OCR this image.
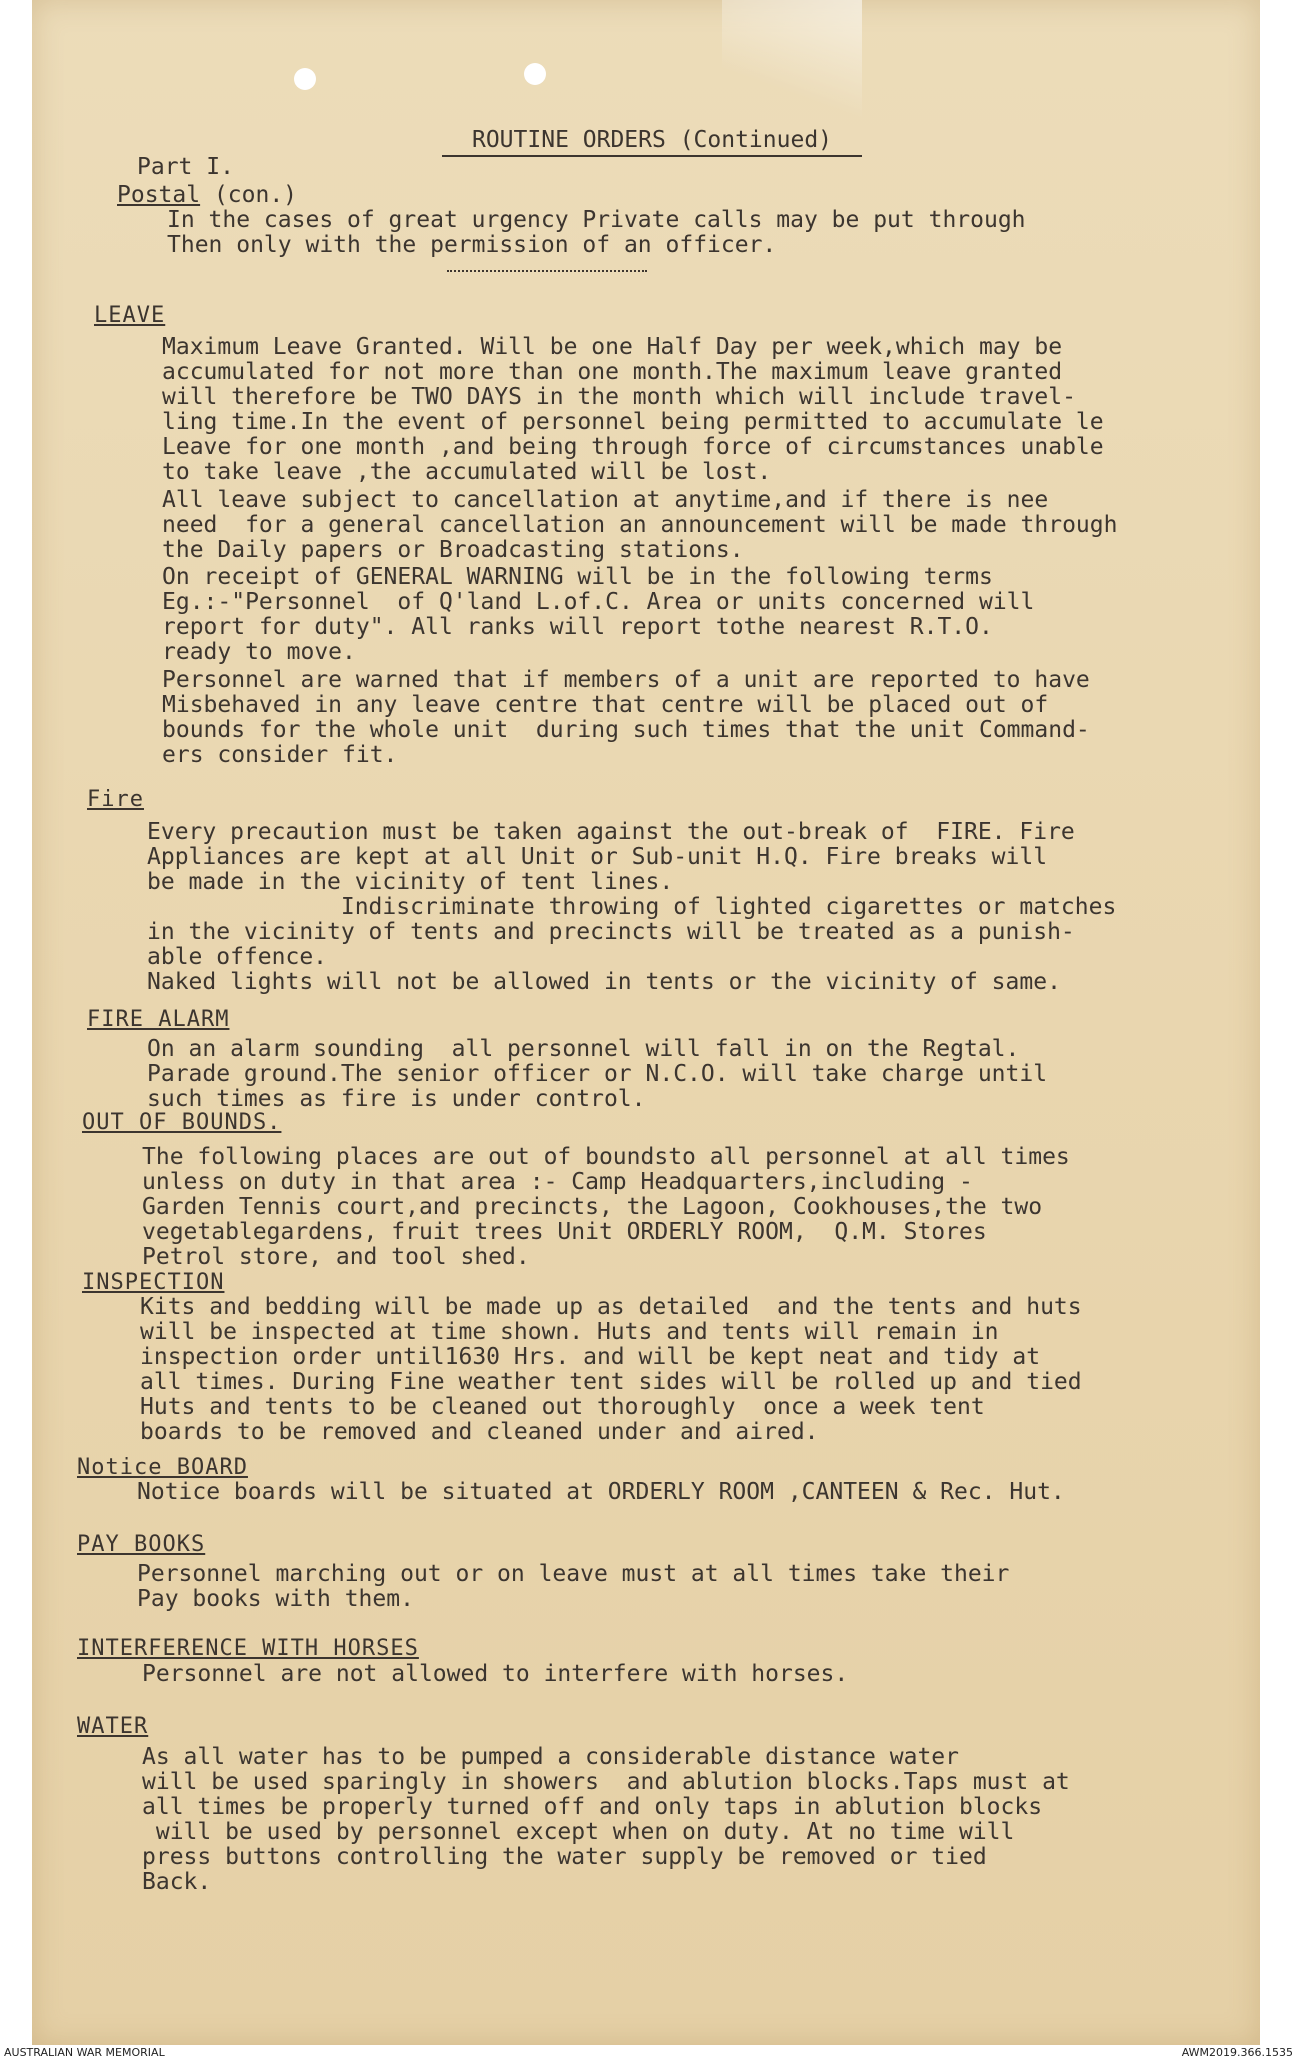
ROUTINE ORDERS (Continued)
Part I.
Postal (con.)
In the cases of great urgency Private calls may be put through
Then only with the permission of an officer.
LEAVE
Maximum Leave Granted. Will be one Half Day per week,which may be
accumulated for not more than one month.The maximum leave granted
will therefore be TWO DAYS in the month which will include travel-
ling time.In the event of personnel being permitted to accumulate le
Leave for one month ,and being through force of circumstances unable
to take leave ,the accumulated will be lost.
All leave subject to cancellation at anytime,and if there is nee
need  for a general cancellation an announcement will be made through
the Daily papers or Broadcasting stations.
On receipt of GENERAL WARNING will be in the following terms
Eg.:-"Personnel  of Q'land L.of.C. Area or units concerned will
report for duty". All ranks will report tothe nearest R.T.O.
ready to move.
Personnel are warned that if members of a unit are reported to have
Misbehaved in any leave centre that centre will be placed out of
bounds for the whole unit  during such times that the unit Command-
ers consider fit.
Fire
Every precaution must be taken against the out-break of  FIRE. Fire
Appliances are kept at all Unit or Sub-unit H.Q. Fire breaks will
be made in the vicinity of tent lines.
Indiscriminate throwing of lighted cigarettes or matches
in the vicinity of tents and precincts will be treated as a punish-
able offence.
Naked lights will not be allowed in tents or the vicinity of same.
FIRE ALARM
On an alarm sounding  all personnel will fall in on the Regtal.
Parade ground.The senior officer or N.C.O. will take charge until
such times as fire is under control.
OUT OF BOUNDS.
The following places are out of boundsto all personnel at all times
unless on duty in that area :- Camp Headquarters,including -
Garden Tennis court,and precincts, the Lagoon, Cookhouses,the two
vegetablegardens, fruit trees Unit ORDERLY ROOM,  Q.M. Stores
Petrol store, and tool shed.
INSPECTION
Kits and bedding will be made up as detailed  and the tents and huts
will be inspected at time shown. Huts and tents will remain in
inspection order until1630 Hrs. and will be kept neat and tidy at
all times. During Fine weather tent sides will be rolled up and tied
Huts and tents to be cleaned out thoroughly  once a week tent
boards to be removed and cleaned under and aired.
Notice BOARD
Notice boards will be situated at ORDERLY ROOM ,CANTEEN & Rec. Hut.
PAY BOOKS
Personnel marching out or on leave must at all times take their
Pay books with them.
INTERFERENCE WITH HORSES
Personnel are not allowed to interfere with horses.
WATER
As all water has to be pumped a considerable distance water
will be used sparingly in showers  and ablution blocks.Taps must at
all times be properly turned off and only taps in ablution blocks
will be used by personnel except when on duty. At no time will
press buttons controlling the water supply be removed or tied
Back.
AUSTRALIAN WAR MEMORIAL	AWM2019.366.1535
